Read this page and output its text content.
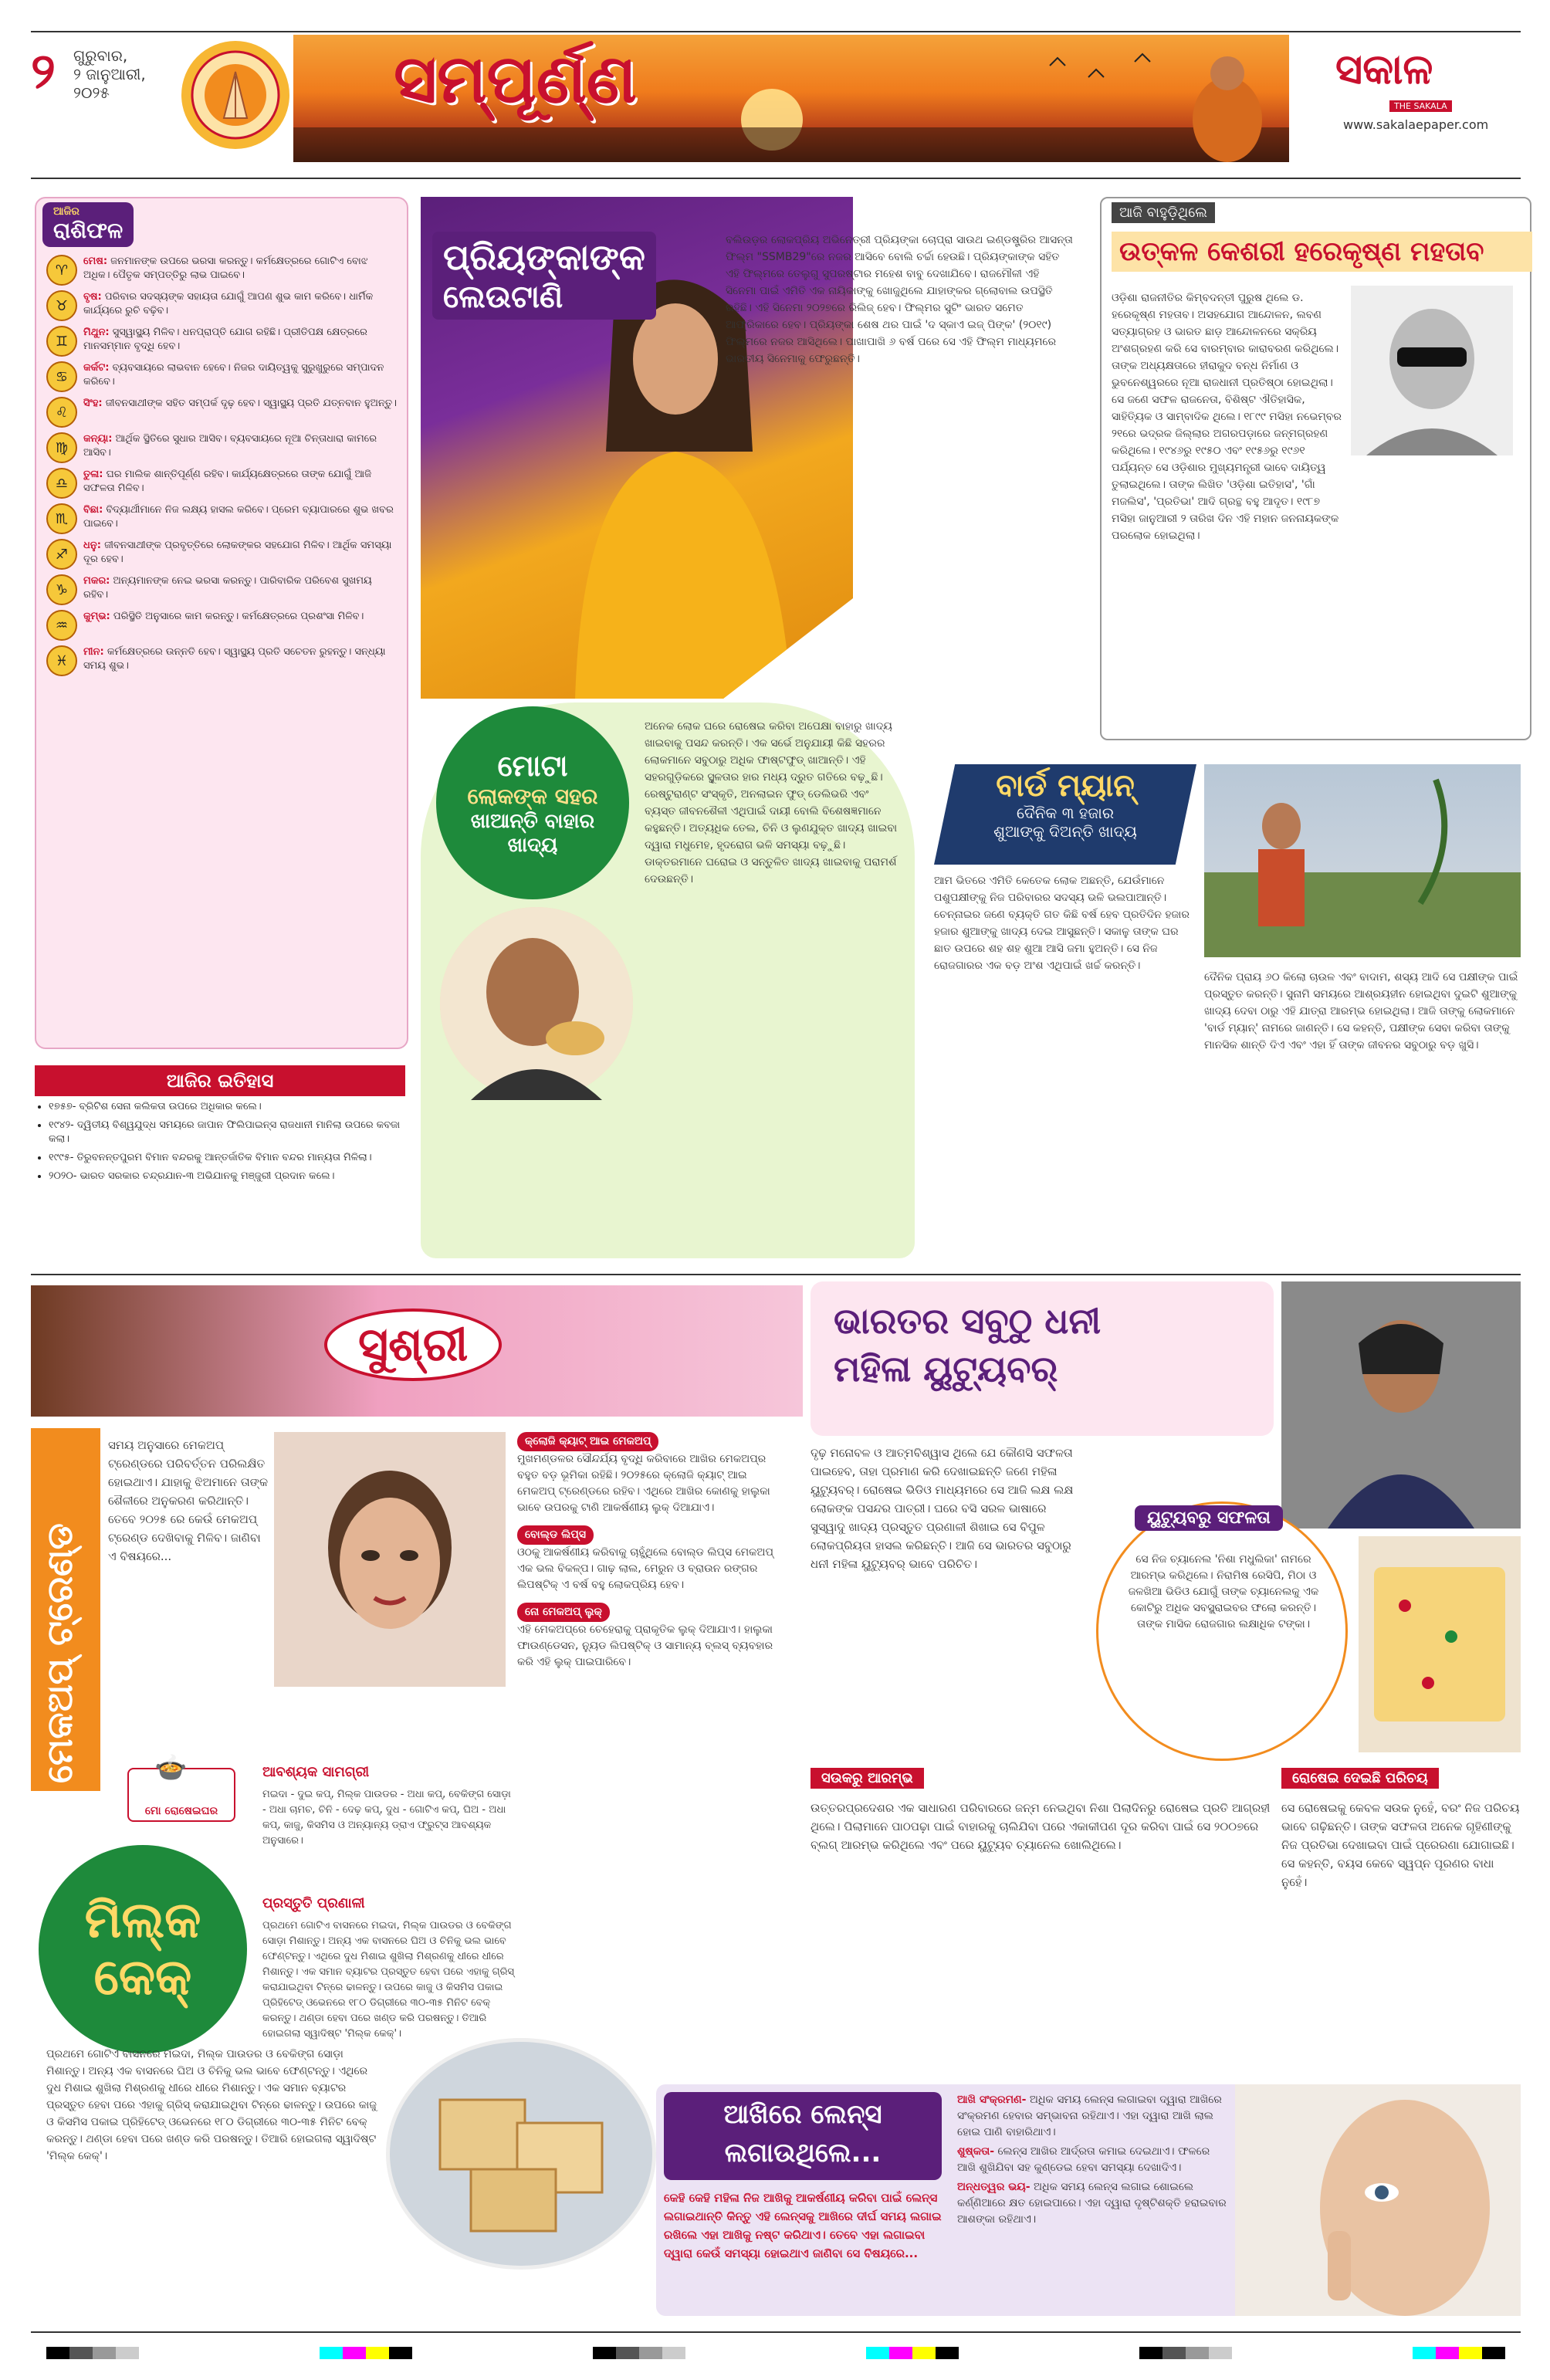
୨ ଗୁରୁବାର,
୨ ଜାନୁଆରୀ,
୨୦୨୫	ସମ୍ପୂର୍ଣ୍ଣ	ସକାଳ
THE SAKALA
www.sakalaepaper.com
ଆଜିର
ରାଶିଫଳ
♈
ମେଷ: ଜନମାନଙ୍କ ଉପରେ ଭରସା କରନ୍ତୁ। କର୍ମକ୍ଷେତ୍ରରେ ଗୋଟିଏ ବୋଝ ଅଧିକ। ପୈତୃକ ସମ୍ପତ୍ତିରୁ ଲାଭ ପାଇବେ।
♉
ବୃଷ: ପରିବାର ସଦସ୍ୟଙ୍କ ସହାୟତା ଯୋଗୁଁ ଆପଣ ଶୁଭ କାମ କରିବେ। ଧାର୍ମିକ କାର୍ଯ୍ୟରେ ରୁଚି ବଢ଼ିବ।
♊
ମିଥୁନ: ସୁସ୍ୱାସ୍ଥ୍ୟ ମିଳିବ। ଧନପ୍ରାପ୍ତି ଯୋଗ ରହିଛି। ପ୍ରୀତିପକ୍ଷ କ୍ଷେତ୍ରରେ ମାନସମ୍ମାନ ବୃଦ୍ଧି ହେବ।
♋
କର୍କଟ: ବ୍ୟବସାୟରେ ଲାଭବାନ ହେବେ। ନିଜର ଦାୟିତ୍ୱକୁ ସୁରୁଖୁରୁରେ ସମ୍ପାଦନ କରିବେ।
♌
ସିଂହ: ଜୀବନସାଥୀଙ୍କ ସହିତ ସମ୍ପର୍କ ଦୃଢ଼ ହେବ। ସ୍ୱାସ୍ଥ୍ୟ ପ୍ରତି ଯତ୍ନବାନ ହୁଅନ୍ତୁ।
♍
କନ୍ୟା: ଆର୍ଥିକ ସ୍ଥିତିରେ ସୁଧାର ଆସିବ। ବ୍ୟବସାୟରେ ନୂଆ ଚିନ୍ତାଧାରା କାମରେ ଆସିବ।
♎
ତୁଳା: ଘର ମାଲିକ ଶାନ୍ତିପୂର୍ଣ୍ଣ ରହିବ। କାର୍ଯ୍ୟକ୍ଷେତ୍ରରେ ତାଙ୍କ ଯୋଗୁଁ ଆଜି ସଫଳତା ମିଳିବ।
♏
ବିଛା: ବିଦ୍ୟାର୍ଥୀମାନେ ନିଜ ଲକ୍ଷ୍ୟ ହାସଲ କରିବେ। ପ୍ରେମ ବ୍ୟାପାରରେ ଶୁଭ ଖବର ପାଇବେ।
♐
ଧନୁ: ଜୀବନସାଥୀଙ୍କ ପ୍ରବୃତ୍ତିରେ ଲୋକଙ୍କର ସହଯୋଗ ମିଳିବ। ଆର୍ଥିକ ସମସ୍ୟା ଦୂର ହେବ।
♑
ମକର: ଅନ୍ୟମାନଙ୍କ ନେଇ ଭରସା କରନ୍ତୁ। ପାରିବାରିକ ପରିବେଶ ସୁଖମୟ ରହିବ।
♒
କୁମ୍ଭ: ପରିସ୍ଥିତି ଅନୁସାରେ କାମ କରନ୍ତୁ। କର୍ମକ୍ଷେତ୍ରରେ ପ୍ରଶଂସା ମିଳିବ।
♓
ମୀନ: କର୍ମକ୍ଷେତ୍ରରେ ଉନ୍ନତି ହେବ। ସ୍ୱାସ୍ଥ୍ୟ ପ୍ରତି ସଚେତନ ରୁହନ୍ତୁ। ସନ୍ଧ୍ୟା ସମୟ ଶୁଭ।
ଆଜିର ଇତିହାସ
• ୧୭୫୭- ବ୍ରିଟିଶ ସେନା କଲିକତା ଉପରେ ଅଧିକାର କଲେ।
• ୧୯୪୨- ଦ୍ୱିତୀୟ ବିଶ୍ୱଯୁଦ୍ଧ ସମୟରେ ଜାପାନ ଫିଲିପାଇନ୍ସ ରାଜଧାନୀ ମାନିଲା ଉପରେ କବଜା କଲା।
• ୧୯୯୫- ତିରୁବନନ୍ତପୁରମ ବିମାନ ବନ୍ଦରକୁ ଆନ୍ତର୍ଜାତିକ ବିମାନ ବନ୍ଦର ମାନ୍ୟତା ମିଳିଲା।
• ୨୦୨୦- ଭାରତ ସରକାର ଚନ୍ଦ୍ରଯାନ-୩ ଅଭିଯାନକୁ ମଞ୍ଜୁରୀ ପ୍ରଦାନ କଲେ।
ପ୍ରିୟଙ୍କାଙ୍କ
ଲେଉଟାଣି

ବଲିଉଡ଼ର ଲୋକପ୍ରିୟ ଅଭିନେତ୍ରୀ ପ୍ରିୟଙ୍କା ଚୋପ୍ରା ସାଉଥ ଇଣ୍ଡଷ୍ଟ୍ରିର ଆସନ୍ତା ଫିଲ୍ମ "SSMB29"ରେ ନଜର ଆସିବେ ବୋଲି ଚର୍ଚ୍ଚା ହେଉଛି। ପ୍ରିୟଙ୍କାଙ୍କ ସହିତ ଏହି ଫିଲ୍ମରେ ତେଲୁଗୁ ସୁପରଷ୍ଟାର ମହେଶ ବାବୁ ଦେଖାଯିବେ। ରାଜମୌଳୀ ଏହି ସିନେମା ପାଇଁ ଏମିତି ଏକ ନାୟିକାଙ୍କୁ ଖୋଜୁଥିଲେ ଯାହାଙ୍କର ଗ୍ଲୋବାଲ ଉପସ୍ଥିତି ରହିଛି। ଏହି ସିନେମା ୨୦୨୭ରେ ରିଲିଜ୍ ହେବ। ଫିଲ୍ମର ସୁଟିଂ ଭାରତ ସମେତ ଆଫ୍ରିକାରେ ହେବ। ପ୍ରିୟଙ୍କା ଶେଷ ଥର ପାଇଁ 'ଦ ସ୍କାଏ ଇଜ୍ ପିଙ୍କ' (୨୦୧୯) ଫିଲ୍ମରେ ନଜର ଆସିଥିଲେ। ପାଖାପାଖି ୬ ବର୍ଷ ପରେ ସେ ଏହି ଫିଲ୍ମ ମାଧ୍ୟମରେ ଭାରତୀୟ ସିନେମାକୁ ଫେରୁଛନ୍ତି।

ଆଜି ବାହୁଡ଼ିଥିଲେ
ଉତ୍କଳ କେଶରୀ ହରେକୃଷ୍ଣ ମହତାବ

ଓଡ଼ିଶା ରାଜନୀତିର କିମ୍ବଦନ୍ତୀ ପୁରୁଷ ଥିଲେ ଡ. ହରେକୃଷ୍ଣ ମହତାବ। ଅସହଯୋଗ ଆନ୍ଦୋଳନ, ଲବଣ ସତ୍ୟାଗ୍ରହ ଓ ଭାରତ ଛାଡ଼ ଆନ୍ଦୋଳନରେ ସକ୍ରିୟ ଅଂଶଗ୍ରହଣ କରି ସେ ବାରମ୍ବାର କାରାବରଣ କରିଥିଲେ। ତାଙ୍କ ଅଧ୍ୟକ୍ଷତାରେ ହୀରାକୁଦ ବନ୍ଧ ନିର୍ମାଣ ଓ ଭୁବନେଶ୍ୱରରେ ନୂଆ ରାଜଧାନୀ ପ୍ରତିଷ୍ଠା ହୋଇଥିଲା। ସେ ଜଣେ ସଫଳ ରାଜନେତା, ବିଶିଷ୍ଟ ଐତିହାସିକ, ସାହିତ୍ୟିକ ଓ ସାମ୍ବାଦିକ ଥିଲେ। ୧୮୯୯ ମସିହା ନଭେମ୍ବର ୨୧ରେ ଭଦ୍ରକ ଜିଲ୍ଲାର ଅଗରପଡ଼ାରେ ଜନ୍ମଗ୍ରହଣ କରିଥିଲେ। ୧୯୪୬ରୁ ୧୯୫୦ ଏବଂ ୧୯୫୬ରୁ ୧୯୬୧ ପର୍ଯ୍ୟନ୍ତ ସେ ଓଡ଼ିଶାର ମୁଖ୍ୟମନ୍ତ୍ରୀ ଭାବେ ଦାୟିତ୍ୱ ତୁଲାଇଥିଲେ। ତାଙ୍କ ଲିଖିତ 'ଓଡ଼ିଶା ଇତିହାସ', 'ଗାଁ ମଜଲିସ', 'ପ୍ରତିଭା' ଆଦି ଗ୍ରନ୍ଥ ବହୁ ଆଦୃତ। ୧୯୮୭ ମସିହା ଜାନୁଆରୀ ୨ ତାରିଖ ଦିନ ଏହି ମହାନ ଜନନାୟକଙ୍କ ପରଲୋକ ହୋଇଥିଲା।

ମୋଟା
ଲୋକଙ୍କ ସହର
ଖାଆନ୍ତି ବାହାର
ଖାଦ୍ୟ

ଅନେକ ଲୋକ ଘରେ ରୋଷେଇ କରିବା ଅପେକ୍ଷା ବାହାରୁ ଖାଦ୍ୟ ଖାଇବାକୁ ପସନ୍ଦ କରନ୍ତି। ଏକ ସର୍ଭେ ଅନୁଯାୟୀ କିଛି ସହରର ଲୋକମାନେ ସବୁଠାରୁ ଅଧିକ ଫାଷ୍ଟଫୁଡ୍ ଖାଆନ୍ତି। ଏହି ସହରଗୁଡ଼ିକରେ ସ୍ଥୂଳତାର ହାର ମଧ୍ୟ ଦ୍ରୁତ ଗତିରେ ବଢ଼ୁଛି। ରେଷ୍ଟୁରାଣ୍ଟ ସଂସ୍କୃତି, ଅନଲାଇନ ଫୁଡ୍ ଡେଲିଭରି ଏବଂ ବ୍ୟସ୍ତ ଜୀବନଶୈଳୀ ଏଥିପାଇଁ ଦାୟୀ ବୋଲି ବିଶେଷଜ୍ଞମାନେ କହୁଛନ୍ତି। ଅତ୍ୟଧିକ ତେଲ, ଚିନି ଓ ଲୁଣଯୁକ୍ତ ଖାଦ୍ୟ ଖାଇବା ଦ୍ୱାରା ମଧୁମେହ, ହୃଦରୋଗ ଭଳି ସମସ୍ୟା ବଢ଼ୁଛି। ଡାକ୍ତରମାନେ ଘରୋଇ ଓ ସନ୍ତୁଳିତ ଖାଦ୍ୟ ଖାଇବାକୁ ପରାମର୍ଶ ଦେଉଛନ୍ତି।

ବାର୍ଡ ମ୍ୟାନ୍
ଦୈନିକ ୩ ହଜାର
ଶୁଆଙ୍କୁ ଦିଅନ୍ତି ଖାଦ୍ୟ

ଆମ ଭିତରେ ଏମିତି କେତେକ ଲୋକ ଅଛନ୍ତି, ଯେଉଁମାନେ ପଶୁପକ୍ଷୀଙ୍କୁ ନିଜ ପରିବାରର ସଦସ୍ୟ ଭଳି ଭଲପାଆନ୍ତି। ଚେନ୍ନାଇର ଜଣେ ବ୍ୟକ୍ତି ଗତ କିଛି ବର୍ଷ ହେବ ପ୍ରତିଦିନ ହଜାର ହଜାର ଶୁଆଙ୍କୁ ଖାଦ୍ୟ ଦେଇ ଆସୁଛନ୍ତି। ସକାଳୁ ତାଙ୍କ ଘର ଛାତ ଉପରେ ଶହ ଶହ ଶୁଆ ଆସି ଜମା ହୁଅନ୍ତି। ସେ ନିଜ ରୋଜଗାରର ଏକ ବଡ଼ ଅଂଶ ଏଥିପାଇଁ ଖର୍ଚ୍ଚ କରନ୍ତି।

ଦୈନିକ ପ୍ରାୟ ୬୦ କିଲୋ ଚାଉଳ ଏବଂ ବାଦାମ, ଶସ୍ୟ ଆଦି ସେ ପକ୍ଷୀଙ୍କ ପାଇଁ ପ୍ରସ୍ତୁତ କରନ୍ତି। ସୁନାମି ସମୟରେ ଆଶ୍ରୟହୀନ ହୋଇଥିବା ଦୁଇଟି ଶୁଆଙ୍କୁ ଖାଦ୍ୟ ଦେବା ଠାରୁ ଏହି ଯାତ୍ରା ଆରମ୍ଭ ହୋଇଥିଲା। ଆଜି ତାଙ୍କୁ ଲୋକମାନେ 'ବାର୍ଡ ମ୍ୟାନ୍' ନାମରେ ଜାଣନ୍ତି। ସେ କହନ୍ତି, ପକ୍ଷୀଙ୍କ ସେବା କରିବା ତାଙ୍କୁ ମାନସିକ ଶାନ୍ତି ଦିଏ ଏବଂ ଏହା ହିଁ ତାଙ୍କ ଜୀବନର ସବୁଠାରୁ ବଡ଼ ଖୁସି।

ସୁଶ୍ରୀ
ମେକଅପ୍ ଟ୍ରେଣ୍ଡ

ସମୟ ଅନୁସାରେ ମେକଅପ୍ ଟ୍ରେଣ୍ଡରେ ପରିବର୍ତ୍ତନ ପରିଲକ୍ଷିତ ହୋଇଥାଏ। ଯାହାକୁ ଝିଅମାନେ ତାଙ୍କ ଶୈଳୀରେ ଅନୁକରଣ କରିଥାନ୍ତି। ତେବେ ୨୦୨୫ ରେ କେଉଁ ମେକଅପ୍ ଟ୍ରେଣ୍ଡ ଦେଖିବାକୁ ମିଳିବ। ଜାଣିବା ଏ ବିଷୟରେ...

କ୍ଲୋଜି କ୍ୟାଟ୍ ଆଇ ମେକଅପ୍

ମୁଖମଣ୍ଡଳର ସୌନ୍ଦର୍ଯ୍ୟ ବୃଦ୍ଧି କରିବାରେ ଆଖିର ମେକଅପ୍‌ର ବହୁତ ବଡ଼ ଭୂମିକା ରହିଛି। ୨୦୨୫ରେ କ୍ଲୋଜି କ୍ୟାଟ୍ ଆଇ ମେକଅପ୍ ଟ୍ରେଣ୍ଡରେ ରହିବ। ଏଥିରେ ଆଖିର କୋଣକୁ ହାଲୁକା ଭାବେ ଉପରକୁ ଟାଣି ଆକର୍ଷଣୀୟ ଲୁକ୍ ଦିଆଯାଏ।

ବୋଲ୍ଡ ଲିପ୍ସ

ଓଠକୁ ଆକର୍ଷଣୀୟ କରିବାକୁ ଚାହୁଁଥିଲେ ବୋଲ୍ଡ ଲିପ୍ସ ମେକଅପ୍ ଏକ ଭଲ ବିକଳ୍ପ। ଗାଢ଼ ଲାଲ, ମେରୁନ ଓ ବ୍ରାଉନ ରଙ୍ଗର ଲିପଷ୍ଟିକ୍ ଏ ବର୍ଷ ବହୁ ଲୋକପ୍ରିୟ ହେବ।

ନୋ ମେକଅପ୍ ଲୁକ୍

ଏହି ମେକଅପ୍‌ରେ ଚେହେରାକୁ ପ୍ରାକୃତିକ ଲୁକ୍ ଦିଆଯାଏ। ହାଲୁକା ଫାଉଣ୍ଡେସନ, ନ୍ୟୁଡ ଲିପଷ୍ଟିକ୍ ଓ ସାମାନ୍ୟ ବ୍ଲସ୍ ବ୍ୟବହାର କରି ଏହି ଲୁକ୍ ପାଇପାରିବେ।

ମୋ ରୋଷେଇଘର
🍲	ଆବଶ୍ୟକ ସାମଗ୍ରୀ
ମଇଦା - ଦୁଇ କପ୍, ମିଲ୍କ ପାଉଡର - ଅଧା କପ୍, ବେକିଙ୍ଗ ସୋଡ଼ା - ଅଧା ଚାମଚ, ଚିନି - ଦେଢ଼ କପ୍, ଦୁଧ - ଗୋଟିଏ କପ୍, ଘିଅ - ଅଧା କପ୍, କାଜୁ, କିସମିସ ଓ ଅନ୍ୟାନ୍ୟ ଡ୍ରାଏ ଫ୍ରୁଟ୍ସ ଆବଶ୍ୟକ ଅନୁସାରେ।
ମିଲ୍କ
କେକ୍
ପ୍ରସ୍ତୁତି ପ୍ରଣାଳୀ

ପ୍ରଥମେ ଗୋଟିଏ ବାସନରେ ମଇଦା, ମିଲ୍କ ପାଉଡର ଓ ବେକିଙ୍ଗ ସୋଡ଼ା ମିଶାନ୍ତୁ। ଅନ୍ୟ ଏକ ବାସନରେ ଘିଅ ଓ ଚିନିକୁ ଭଲ ଭାବେ ଫେଣ୍ଟନ୍ତୁ। ଏଥିରେ ଦୁଧ ମିଶାଇ ଶୁଖିଲା ମିଶ୍ରଣକୁ ଧୀରେ ଧୀରେ ମିଶାନ୍ତୁ। ଏକ ସମାନ ବ୍ୟାଟର ପ୍ରସ୍ତୁତ ହେବା ପରେ ଏହାକୁ ଗ୍ରିସ୍ କରାଯାଇଥିବା ଟିନ୍‌ରେ ଢାଳନ୍ତୁ। ଉପରେ କାଜୁ ଓ କିସମିସ ପକାଇ ପ୍ରିହିଟେଡ୍ ଓଭେନରେ ୧୮୦ ଡିଗ୍ରୀରେ ୩୦-୩୫ ମିନିଟ ବେକ୍ କରନ୍ତୁ। ଥଣ୍ଡା ହେବା ପରେ ଖଣ୍ଡ କରି ପରଷନ୍ତୁ। ତିଆରି ହୋଇଗଲା ସ୍ୱାଦିଷ୍ଟ 'ମିଲ୍କ କେକ୍'।

ପ୍ରଥମେ ଗୋଟିଏ ବାସନରେ ମଇଦା, ମିଲ୍କ ପାଉଡର ଓ ବେକିଙ୍ଗ ସୋଡ଼ା ମିଶାନ୍ତୁ। ଅନ୍ୟ ଏକ ବାସନରେ ଘିଅ ଓ ଚିନିକୁ ଭଲ ଭାବେ ଫେଣ୍ଟନ୍ତୁ। ଏଥିରେ ଦୁଧ ମିଶାଇ ଶୁଖିଲା ମିଶ୍ରଣକୁ ଧୀରେ ଧୀରେ ମିଶାନ୍ତୁ। ଏକ ସମାନ ବ୍ୟାଟର ପ୍ରସ୍ତୁତ ହେବା ପରେ ଏହାକୁ ଗ୍ରିସ୍ କରାଯାଇଥିବା ଟିନ୍‌ରେ ଢାଳନ୍ତୁ। ଉପରେ କାଜୁ ଓ କିସମିସ ପକାଇ ପ୍ରିହିଟେଡ୍ ଓଭେନରେ ୧୮୦ ଡିଗ୍ରୀରେ ୩୦-୩୫ ମିନିଟ ବେକ୍ କରନ୍ତୁ। ଥଣ୍ଡା ହେବା ପରେ ଖଣ୍ଡ କରି ପରଷନ୍ତୁ। ତିଆରି ହୋଇଗଲା ସ୍ୱାଦିଷ୍ଟ 'ମିଲ୍କ କେକ୍'।

ଭାରତର ସବୁଠୁ ଧନୀ
ମହିଳା ୟୁଟ୍ୟୁବର୍

ଦୃଢ଼ ମନୋବଳ ଓ ଆତ୍ମବିଶ୍ୱାସ ଥିଲେ ଯେ କୌଣସି ସଫଳତା ପାଇହେବ, ତାହା ପ୍ରମାଣ କରି ଦେଖାଇଛନ୍ତି ଜଣେ ମହିଳା ୟୁଟ୍ୟୁବର୍। ରୋଷେଇ ଭିଡିଓ ମାଧ୍ୟମରେ ସେ ଆଜି ଲକ୍ଷ ଲକ୍ଷ ଲୋକଙ୍କ ପସନ୍ଦର ପାତ୍ରୀ। ଘରେ ବସି ସରଳ ଭାଷାରେ ସୁସ୍ୱାଦୁ ଖାଦ୍ୟ ପ୍ରସ୍ତୁତ ପ୍ରଣାଳୀ ଶିଖାଇ ସେ ବିପୁଳ ଲୋକପ୍ରିୟତା ହାସଲ କରିଛନ୍ତି। ଆଜି ସେ ଭାରତର ସବୁଠାରୁ ଧନୀ ମହିଳା ୟୁଟ୍ୟୁବର୍ ଭାବେ ପରିଚିତ।

ୟୁଟ୍ୟୁବରୁ ସଫଳତା
ସେ ନିଜ ଚ୍ୟାନେଲ 'ନିଶା ମଧୁଲିକା' ନାମରେ ଆରମ୍ଭ କରିଥିଲେ। ନିରାମିଷ ରେସିପି, ମିଠା ଓ ଜଳଖିଆ ଭିଡିଓ ଯୋଗୁଁ ତାଙ୍କ ଚ୍ୟାନେଲକୁ ଏକ କୋଟିରୁ ଅଧିକ ସବସ୍କ୍ରାଇବର ଫଲୋ କରନ୍ତି। ତାଙ୍କ ମାସିକ ରୋଜଗାର ଲକ୍ଷାଧିକ ଟଙ୍କା।
ସଉକରୁ ଆରମ୍ଭ
ଉତ୍ତରପ୍ରଦେଶର ଏକ ସାଧାରଣ ପରିବାରରେ ଜନ୍ମ ନେଇଥିବା ନିଶା ପିଲାଦିନରୁ ରୋଷେଇ ପ୍ରତି ଆଗ୍ରହୀ ଥିଲେ। ପିଲାମାନେ ପାଠପଢ଼ା ପାଇଁ ବାହାରକୁ ଚାଲିଯିବା ପରେ ଏକାକୀପଣ ଦୂର କରିବା ପାଇଁ ସେ ୨୦୦୭ରେ ବ୍ଲଗ୍ ଆରମ୍ଭ କରିଥିଲେ ଏବଂ ପରେ ୟୁଟ୍ୟୁବ ଚ୍ୟାନେଲ ଖୋଲିଥିଲେ।
ରୋଷେଇ ଦେଇଛି ପରିଚୟ
ସେ ରୋଷେଇକୁ କେବଳ ସଉକ ନୁହେଁ, ବରଂ ନିଜ ପରିଚୟ ଭାବେ ଗଢ଼ିଛନ୍ତି। ତାଙ୍କ ସଫଳତା ଅନେକ ଗୃହିଣୀଙ୍କୁ ନିଜ ପ୍ରତିଭା ଦେଖାଇବା ପାଇଁ ପ୍ରେରଣା ଯୋଗାଇଛି। ସେ କହନ୍ତି, ବୟସ କେବେ ସ୍ୱପ୍ନ ପୂରଣର ବାଧା ନୁହେଁ।
ଆଖିରେ ଲେନ୍ସ
ଲଗାଉଥିଲେ...
କେହି କେହି ମହିଳା ନିଜ ଆଖିକୁ ଆକର୍ଷଣୀୟ କରିବା ପାଇଁ ଲେନ୍ସ ଲଗାଇଥାନ୍ତି କିନ୍ତୁ ଏହି ଲେନ୍ସକୁ ଆଖିରେ ଦୀର୍ଘ ସମୟ ଲଗାଇ ରଖିଲେ ଏହା ଆଖିକୁ ନଷ୍ଟ କରିଥାଏ। ତେବେ ଏହା ଲଗାଇବା ଦ୍ୱାରା କେଉଁ ସମସ୍ୟା ହୋଇଥାଏ ଜାଣିବା ସେ ବିଷୟରେ...

ଆଖି ସଂକ୍ରମଣ- ଅଧିକ ସମୟ ଲେନ୍ସ ଲଗାଇବା ଦ୍ୱାରା ଆଖିରେ ସଂକ୍ରମଣ ହେବାର ସମ୍ଭାବନା ରହିଥାଏ। ଏହା ଦ୍ୱାରା ଆଖି ଲାଲ ହୋଇ ପାଣି ବାହାରିଥାଏ।

ଶୁଷ୍କତା- ଲେନ୍ସ ଆଖିର ଆର୍ଦ୍ରତା କମାଇ ଦେଇଥାଏ। ଫଳରେ ଆଖି ଶୁଖିଯିବା ସହ କୁଣ୍ଡେଇ ହେବା ସମସ୍ୟା ଦେଖାଦିଏ।

ଅନ୍ଧତ୍ୱର ଭୟ- ଅଧିକ ସମୟ ଲେନ୍ସ ଲଗାଇ ଶୋଇଲେ କର୍ଣ୍ଣିଆରେ କ୍ଷତ ହୋଇପାରେ। ଏହା ଦ୍ୱାରା ଦୃଷ୍ଟିଶକ୍ତି ହରାଇବାର ଆଶଙ୍କା ରହିଥାଏ।
